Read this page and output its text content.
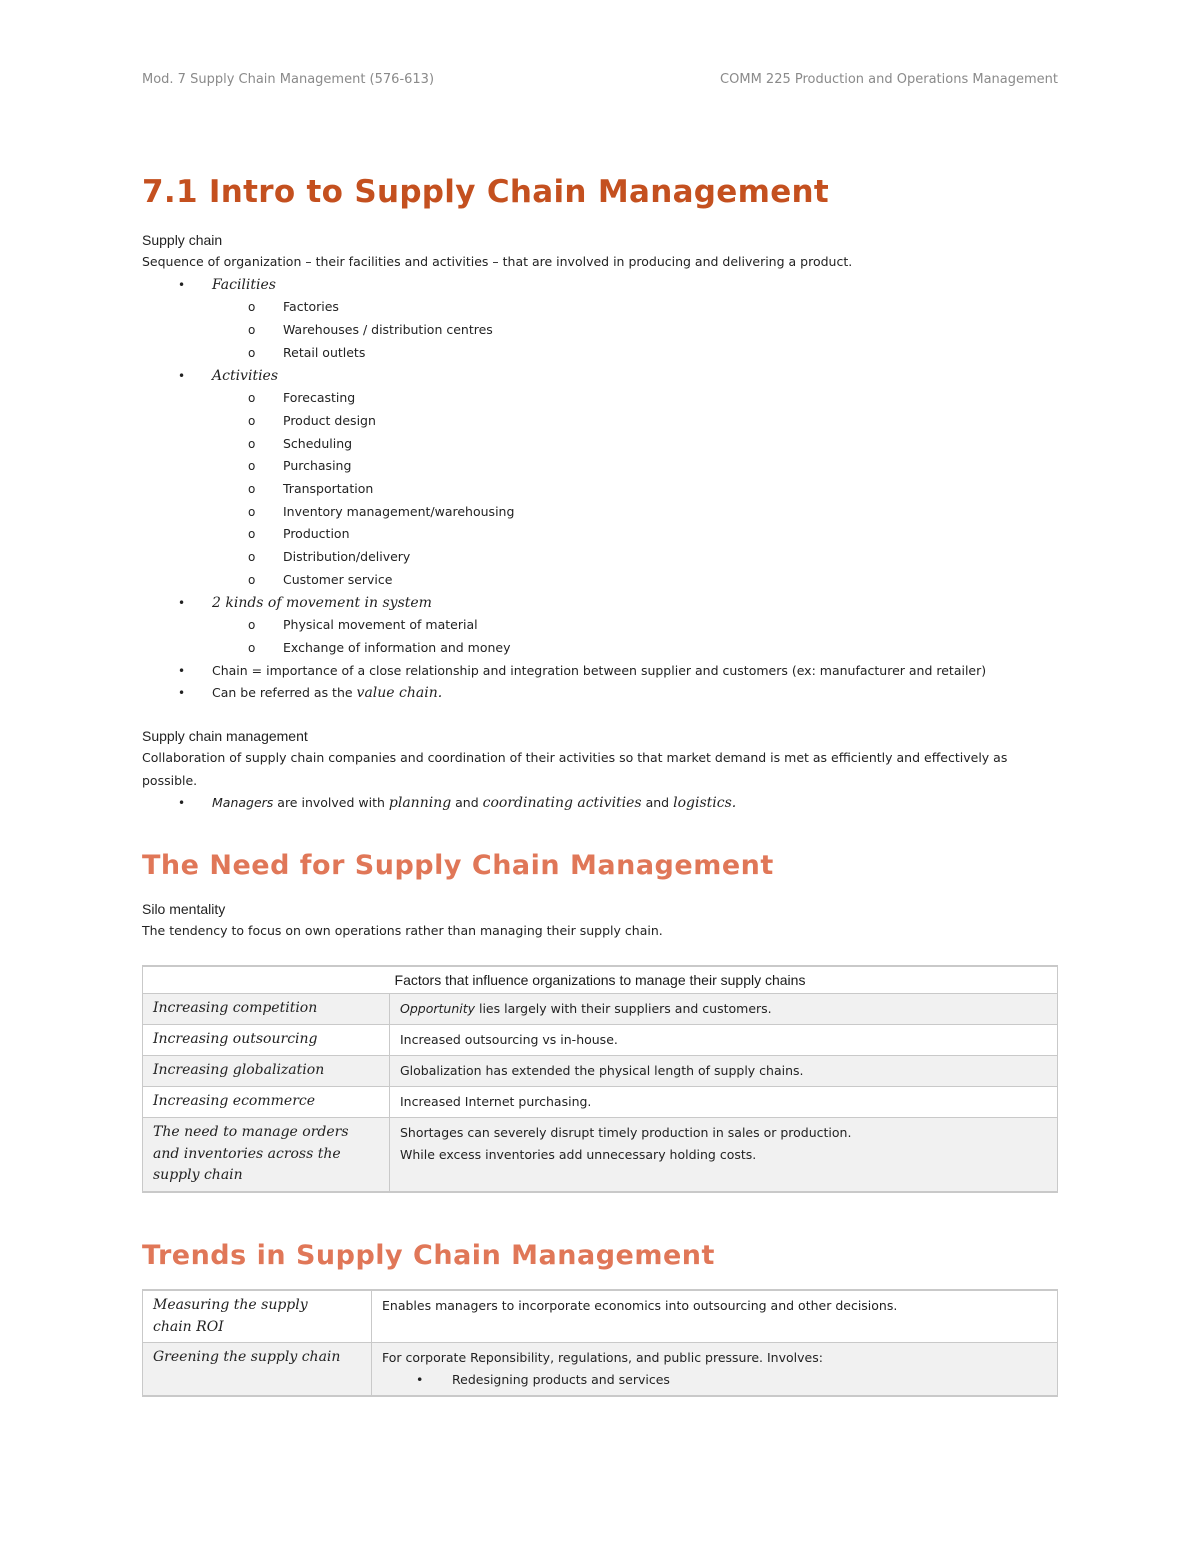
Mod. 7 Supply Chain Management (576-613)	COMM 225 Production and Operations Management
7.1 Intro to Supply Chain Management
Supply chain
Sequence of organization – their facilities and activities – that are involved in producing and delivering a product.
• Facilities
o Factories
o Warehouses / distribution centres
o Retail outlets
• Activities
o Forecasting
o Product design
o Scheduling
o Purchasing
o Transportation
o Inventory management/warehousing
o Production
o Distribution/delivery
o Customer service
• 2 kinds of movement in system
o Physical movement of material
o Exchange of information and money
• Chain = importance of a close relationship and integration between supplier and customers (ex: manufacturer and retailer)
• Can be referred as the value chain.
Supply chain management
Collaboration of supply chain companies and coordination of their activities so that market demand is met as efficiently and effectively as possible.
• Managers are involved with planning and coordinating activities and logistics.
The Need for Supply Chain Management
Silo mentality
The tendency to focus on own operations rather than managing their supply chain.
Factors that influence organizations to manage their supply chains	
Increasing competition	Opportunity lies largely with their suppliers and customers.
Increasing outsourcing	Increased outsourcing vs in-house.
Increasing globalization	Globalization has extended the physical length of supply chains.
Increasing ecommerce	Increased Internet purchasing.
The need to manage orders and inventories across the supply chain	Shortages can severely disrupt timely production in sales or production.
While excess inventories add unnecessary holding costs.
Trends in Supply Chain Management
Measuring the supply chain ROI	Enables managers to incorporate economics into outsourcing and other decisions.
Greening the supply chain	For corporate Reponsibility, regulations, and public pressure. Involves:
• Redesigning products and services
